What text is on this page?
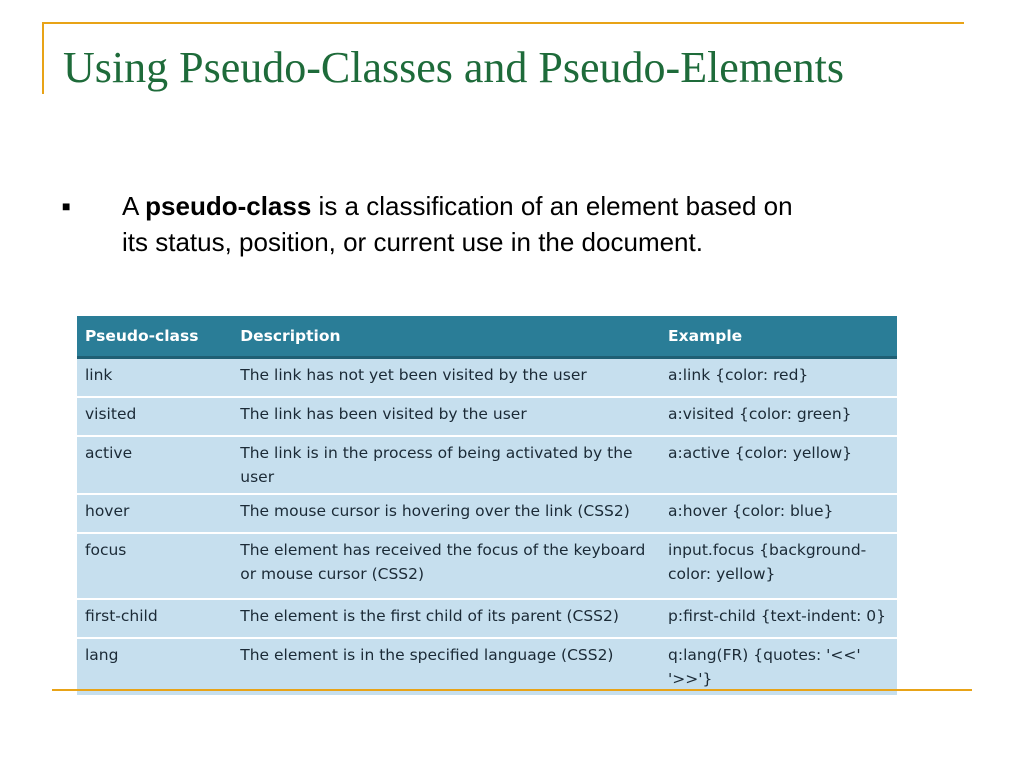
Using Pseudo-Classes and Pseudo-Elements
■	A pseudo-class is a classification of an element based on its status, position, or current use in the document.

Pseudo-class	Description	Example
link	The link has not yet been visited by the user	a:link {color: red}
visited	The link has been visited by the user	a:visited {color: green}
active	The link is in the process of being activated by the user	a:active {color: yellow}
hover	The mouse cursor is hovering over the link (CSS2)	a:hover {color: blue}
focus	The element has received the focus of the keyboard or mouse cursor (CSS2)	input.focus {background-color: yellow}
first-child	The element is the first child of its parent (CSS2)	p:first-child {text-indent: 0}
lang	The element is in the specified language (CSS2)	q:lang(FR) {quotes: '<<' '>>'}
